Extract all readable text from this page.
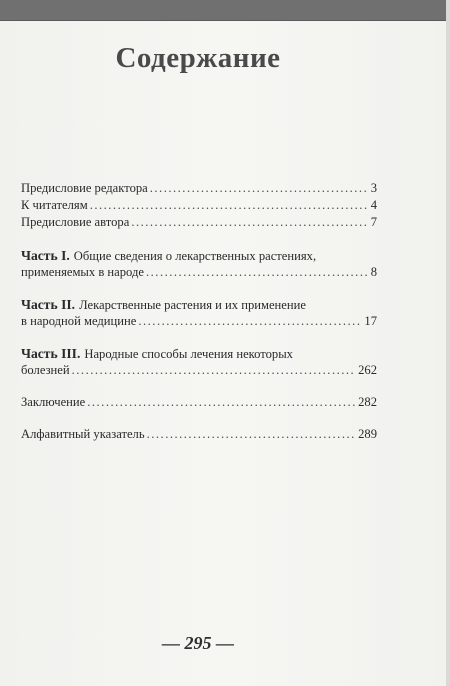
Содержание
Предисловие редактора .....	3
К читателям .....	4
Предисловие автора .....	7
Часть I. Общие сведения о лекарственных растениях,
применяемых в народе .....	8
Часть II. Лекарственные растения и их применение
в народной медицине .....	17
Часть III. Народные способы лечения некоторых
болезней .....	262
Заключение .....	282
Алфавитный указатель .....	289
— 295 —
